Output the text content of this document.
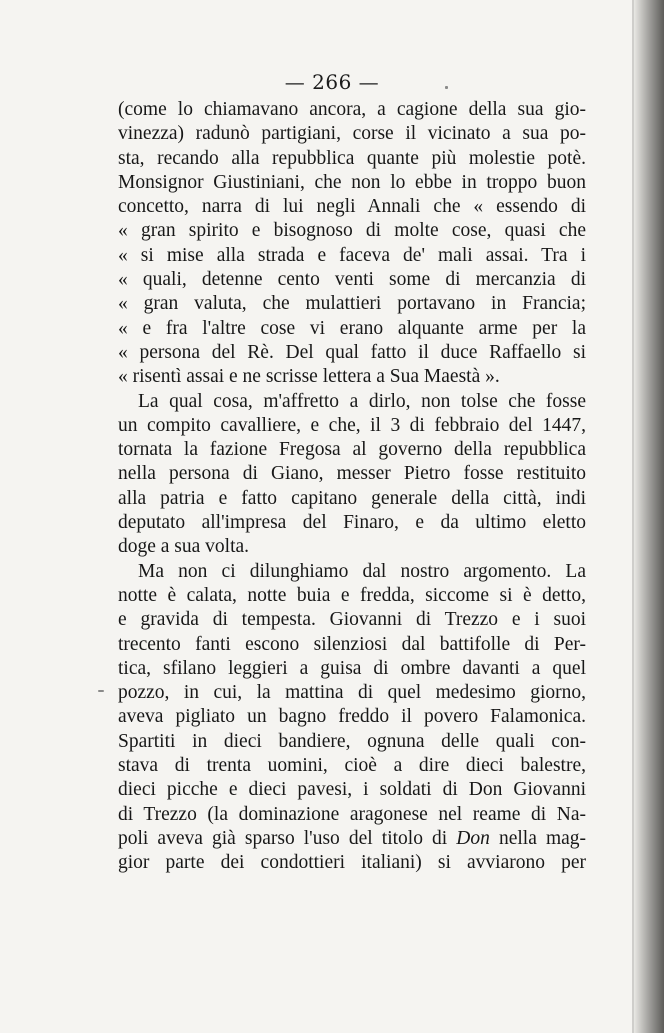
— 266 —
(come lo chiamavano ancora, a cagione della sua gio-
vinezza) radunò partigiani, corse il vicinato a sua po-
sta, recando alla repubblica quante più molestie potè.
Monsignor Giustiniani, che non lo ebbe in troppo buon
concetto, narra di lui negli Annali che « essendo di
« gran spirito e bisognoso di molte cose, quasi che
« si mise alla strada e faceva de' mali assai. Tra i
« quali, detenne cento venti some di mercanzia di
« gran valuta, che mulattieri portavano in Francia;
« e fra l'altre cose vi erano alquante arme per la
« persona del Rè. Del qual fatto il duce Raffaello si
« risentì assai e ne scrisse lettera a Sua Maestà ».
La qual cosa, m'affretto a dirlo, non tolse che fosse
un compito cavalliere, e che, il 3 di febbraio del 1447,
tornata la fazione Fregosa al governo della repubblica
nella persona di Giano, messer Pietro fosse restituito
alla patria e fatto capitano generale della città, indi
deputato all'impresa del Finaro, e da ultimo eletto
doge a sua volta.
Ma non ci dilunghiamo dal nostro argomento. La
notte è calata, notte buia e fredda, siccome si è detto,
e gravida di tempesta. Giovanni di Trezzo e i suoi
trecento fanti escono silenziosi dal battifolle di Per-
tica, sfilano leggieri a guisa di ombre davanti a quel
pozzo, in cui, la mattina di quel medesimo giorno,
aveva pigliato un bagno freddo il povero Falamonica.
Spartiti in dieci bandiere, ognuna delle quali con-
stava di trenta uomini, cioè a dire dieci balestre,
dieci picche e dieci pavesi, i soldati di Don Giovanni
di Trezzo (la dominazione aragonese nel reame di Na-
poli aveva già sparso l'uso del titolo di Don nella mag-
gior parte dei condottieri italiani) si avviarono per
